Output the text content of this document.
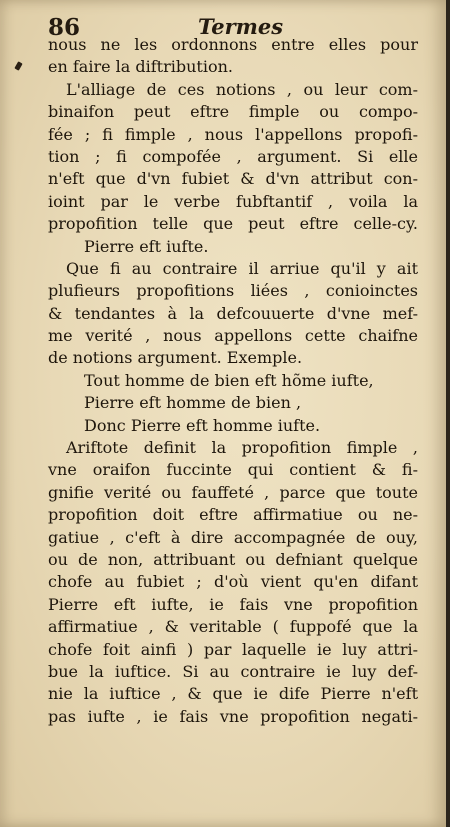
86	Termes
nous ne les ordonnons entre elles pour
en faire la diftribution.
L'alliage de ces notions , ou leur com-
binaifon peut eftre fimple ou compo-
fée ; fi fimple , nous l'appellons propofi-
tion ; fi compofée , argument. Si elle
n'eft que d'vn fubiet & d'vn attribut con-
ioint par le verbe fubftantif , voila la
propofition telle que peut eftre celle-cy.
Pierre eft iufte.
Que fi au contraire il arriue qu'il y ait
plufieurs propofitions liées , conioinctes
& tendantes à la defcouuerte d'vne mef-
me verité , nous appellons cette chaifne
de notions argument. Exemple.
Tout homme de bien eft hõme iufte,
Pierre eft homme de bien ,
Donc Pierre eft homme iufte.
Ariftote definit la propofition fimple ,
vne oraifon fuccinte qui contient & fi-
gnifie verité ou fauffeté , parce que toute
propofition doit eftre affirmatiue ou ne-
gatiue , c'eft à dire accompagnée de ouy,
ou de non, attribuant ou defniant quelque
chofe au fubiet ; d'où vient qu'en difant
Pierre eft iufte, ie fais vne propofition
affirmatiue , & veritable ( fuppofé que la
chofe foit ainfi ) par laquelle ie luy attri-
bue la iuftice. Si au contraire ie luy def-
nie la iuftice , & que ie dife Pierre n'eft
pas iufte , ie fais vne propofition negati-
